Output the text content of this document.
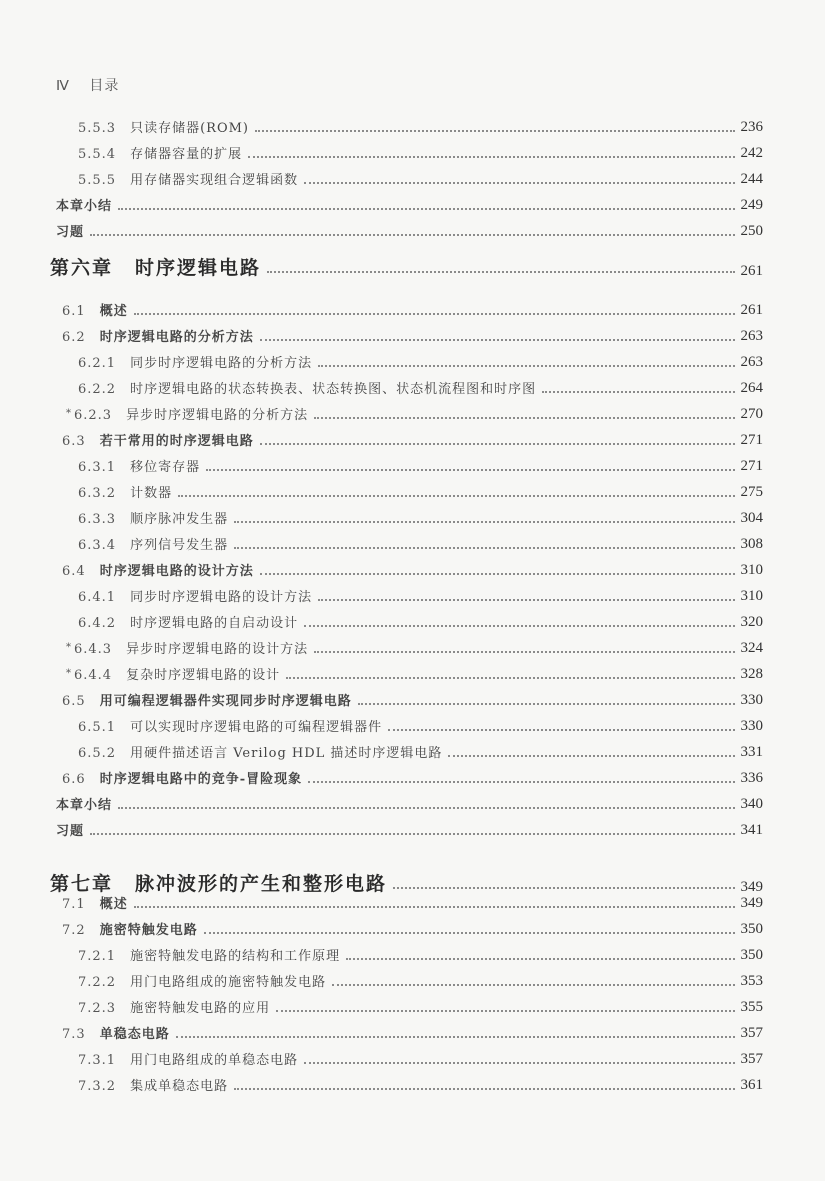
Ⅳ 目录
5.5.3 只读存储器(ROM)	236
5.5.4 存储器容量的扩展	242
5.5.5 用存储器实现组合逻辑函数	244
本章小结	249
习题	250
第六章 时序逻辑电路	261
6.1 概述	261
6.2 时序逻辑电路的分析方法	263
6.2.1 同步时序逻辑电路的分析方法	263
6.2.2 时序逻辑电路的状态转换表、状态转换图、状态机流程图和时序图	264
* 6.2.3 异步时序逻辑电路的分析方法	270
6.3 若干常用的时序逻辑电路	271
6.3.1 移位寄存器	271
6.3.2 计数器	275
6.3.3 顺序脉冲发生器	304
6.3.4 序列信号发生器	308
6.4 时序逻辑电路的设计方法	310
6.4.1 同步时序逻辑电路的设计方法	310
6.4.2 时序逻辑电路的自启动设计	320
* 6.4.3 异步时序逻辑电路的设计方法	324
* 6.4.4 复杂时序逻辑电路的设计	328
6.5 用可编程逻辑器件实现同步时序逻辑电路	330
6.5.1 可以实现时序逻辑电路的可编程逻辑器件	330
6.5.2 用硬件描述语言 Verilog HDL 描述时序逻辑电路	331
6.6 时序逻辑电路中的竞争-冒险现象	336
本章小结	340
习题	341
第七章 脉冲波形的产生和整形电路	349
7.1 概述	349
7.2 施密特触发电路	350
7.2.1 施密特触发电路的结构和工作原理	350
7.2.2 用门电路组成的施密特触发电路	353
7.2.3 施密特触发电路的应用	355
7.3 单稳态电路	357
7.3.1 用门电路组成的单稳态电路	357
7.3.2 集成单稳态电路	361
